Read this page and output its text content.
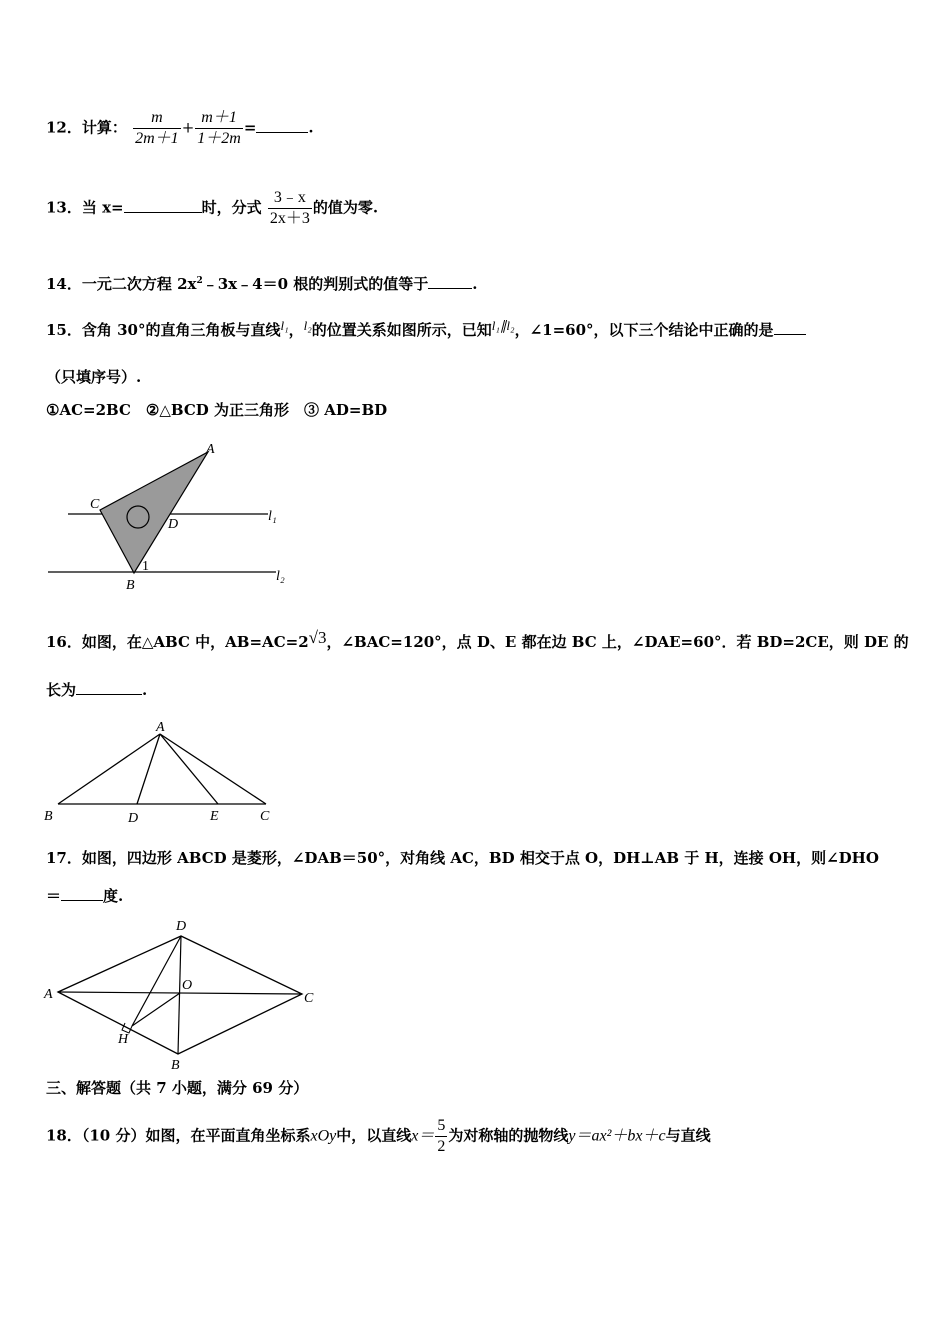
12．计算： $\frac{m}{2m+1} + \frac{m+1}{1+2m}$ =	.
13．当 x=	时，分式 $\frac{3﹣x}{2x+3}$ 的值为零.
14．一元二次方程 $2x^2﹣3x﹣4=0$ 根的判别式的值等于	.
15．含角 30°的直角三角板与直线l₁，l₂的位置关系如图所示，已知l₁∥l₂，∠1=60°，以下三个结论中正确的是
（只填序号）.
①AC=2BC　②△BCD 为正三角形　③ AD=BD
A
C
D
B
1
l₁
l₂
16．如图，在△ABC 中，AB=AC=2√3，∠BAC=120°，点 D、E 都在边 BC 上，∠DAE=60°．若 BD=2CE，则 DE 的
长为	.
A
B	D	E	C
17．如图，四边形 ABCD 是菱形，∠DAB＝50°，对角线 AC，BD 相交于点 O，DH⊥AB 于 H，连接 OH，则∠DHO
＝	度.
D
A
O
C
H
B
三、解答题（共 7 小题，满分 69 分）
18．（10 分）如图，在平面直角坐标系xOy中，以直线$x= \frac{5}{2}$ 为对称轴的抛物线y＝ax²＋bx＋c与直线
